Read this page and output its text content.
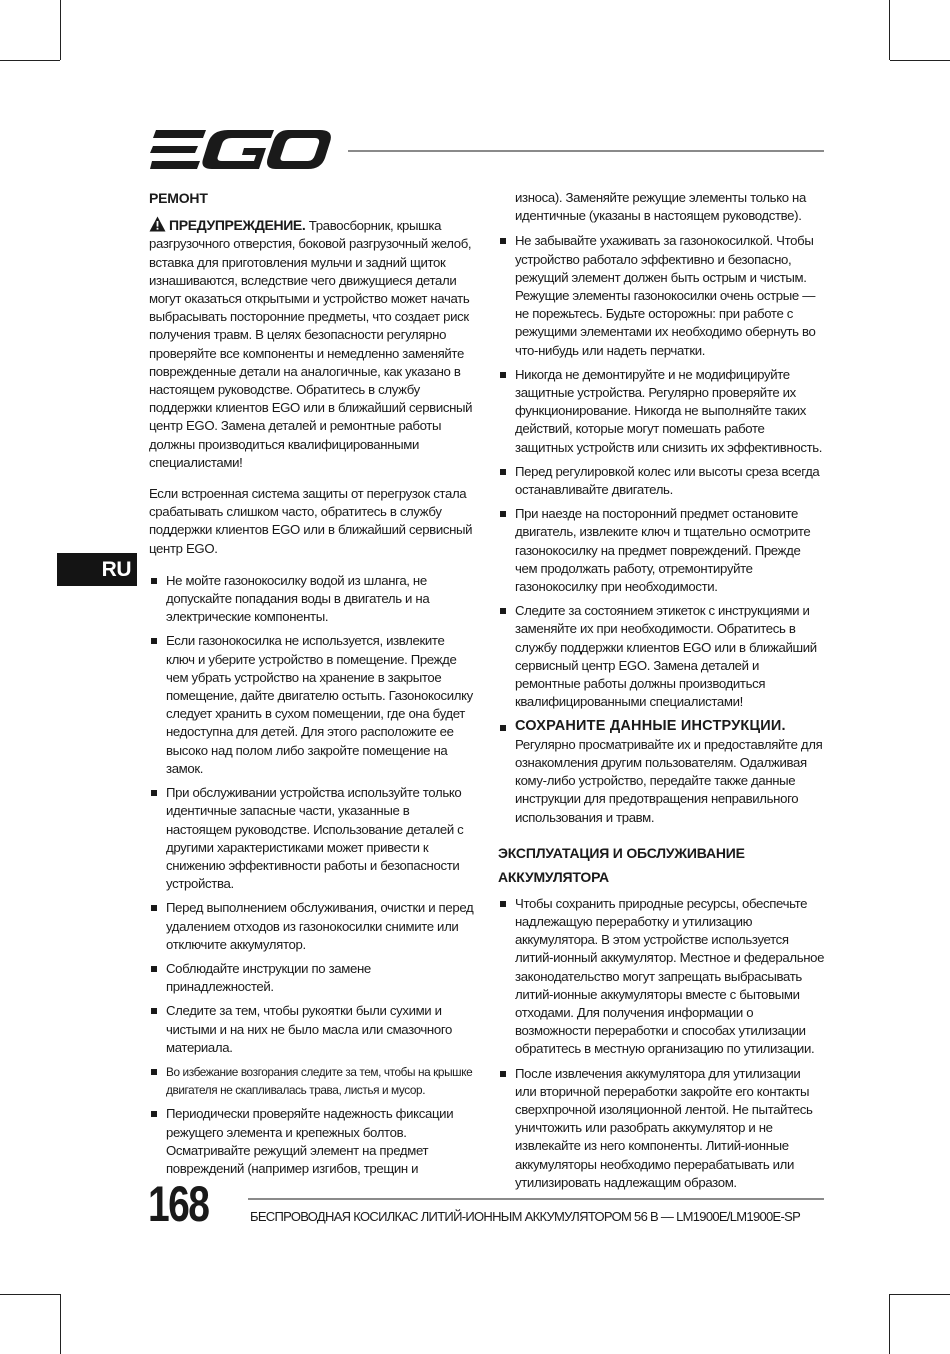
RU
РЕМОНТ
ПРЕДУПРЕЖДЕНИЕ. Травосборник, крышка разгрузочного отверстия, боковой разгрузочный желоб, вставка для приготовления мульчи и задний щиток изнашиваются, вследствие чего движущиеся детали могут оказаться открытыми и устройство может начать выбрасывать посторонние предметы, что создает риск получения травм. В целях безопасности регулярно проверяйте все компоненты и немедленно заменяйте поврежденные детали на аналогичные, как указано в настоящем руководстве. Обратитесь в службу поддержки клиентов EGO или в ближайший сервисный центр EGO. Замена деталей и ремонтные работы должны производиться квалифицированными специалистами!

Если встроенная система защиты от перегрузок стала срабатывать слишком часто, обратитесь в службу поддержки клиентов EGO или в ближайший сервисный центр EGO.

Не мойте газонокосилку водой из шланга, не допускайте попадания воды в двигатель и на электрические компоненты.
Если газонокосилка не используется, извлеките ключ и уберите устройство в помещение. Прежде чем убрать устройство на хранение в закрытое помещение, дайте двигателю остыть. Газонокосилку следует хранить в сухом помещении, где она будет недоступна для детей. Для этого расположите ее высоко над полом либо закройте помещение на замок.
При обслуживании устройства используйте только идентичные запасные части, указанные в настоящем руководстве. Использование деталей с другими характеристиками может привести к снижению эффективности работы и безопасности устройства.
Перед выполнением обслуживания, очистки и перед удалением отходов из газонокосилки снимите или отключите аккумулятор.
Соблюдайте инструкции по замене принадлежностей.
Следите за тем, чтобы рукоятки были сухими и чистыми и на них не было масла или смазочного материала.
Во избежание возгорания следите за тем, чтобы на крышке двигателя не скапливалась трава, листья и мусор.
Периодически проверяйте надежность фиксации режущего элемента и крепежных болтов. Осматривайте режущий элемент на предмет повреждений (например изгибов, трещин и

износа). Заменяйте режущие элементы только на идентичные (указаны в настоящем руководстве).

Не забывайте ухаживать за газонокосилкой. Чтобы устройство работало эффективно и безопасно, режущий элемент должен быть острым и чистым. Режущие элементы газонокосилки очень острые — не порежьтесь. Будьте осторожны: при работе с режущими элементами их необходимо обернуть во что-нибудь или надеть перчатки.
Никогда не демонтируйте и не модифицируйте защитные устройства. Регулярно проверяйте их функционирование. Никогда не выполняйте таких действий, которые могут помешать работе защитных устройств или снизить их эффективность.
Перед регулировкой колес или высоты среза всегда останавливайте двигатель.
При наезде на посторонний предмет остановите двигатель, извлеките ключ и тщательно осмотрите газонокосилку на предмет повреждений. Прежде чем продолжать работу, отремонтируйте газонокосилку при необходимости.
Следите за состоянием этикеток с инструкциями и заменяйте их при необходимости. Обратитесь в службу поддержки клиентов EGO или в ближайший сервисный центр EGO. Замена деталей и ремонтные работы должны производиться квалифицированными специалистами!
СОХРАНИТЕ ДАННЫЕ ИНСТРУКЦИИ.
Регулярно просматривайте их и предоставляйте для ознакомления другим пользователям. Одалживая кому-либо устройство, передайте также данные инструкции для предотвращения неправильного использования и травм.
ЭКСПЛУАТАЦИЯ И ОБСЛУЖИВАНИЕ АККУМУЛЯТОРА
Чтобы сохранить природные ресурсы, обеспечьте надлежащую переработку и утилизацию аккумулятора. В этом устройстве используется литий-ионный аккумулятор. Местное и федеральное законодательство могут запрещать выбрасывать литий-ионные аккумуляторы вместе с бытовыми отходами. Для получения информации о возможности переработки и способах утилизации обратитесь в местную организацию по утилизации.
После извлечения аккумулятора для утилизации или вторичной переработки закройте его контакты сверхпрочной изоляционной лентой. Не пытайтесь уничтожить или разобрать аккумулятор и не извлекайте из него компоненты. Литий-ионные аккумуляторы необходимо перерабатывать или утилизировать надлежащим образом.
168	БЕСПРОВОДНАЯ КОСИЛКАС ЛИТИЙ-ИОННЫМ АККУМУЛЯТОРОМ 56 В — LM1900E/LM1900E-SP
